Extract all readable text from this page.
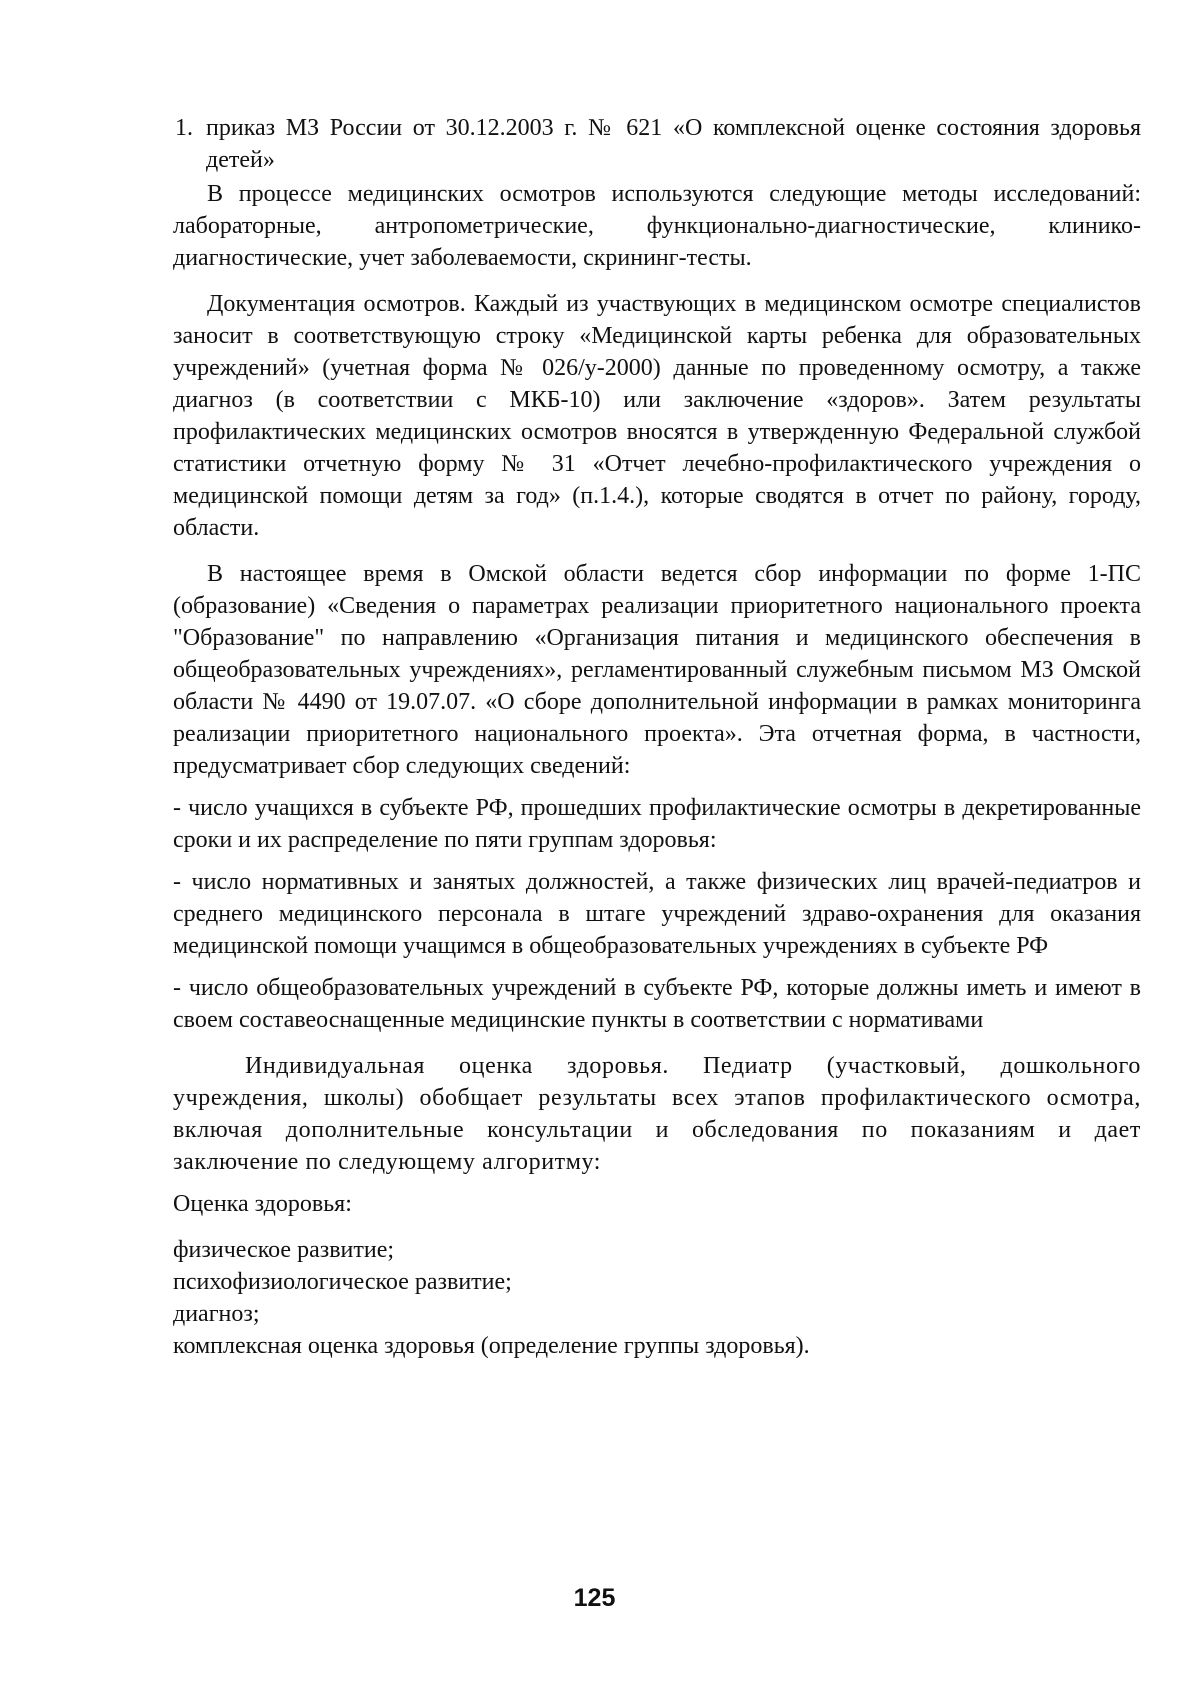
1. приказ МЗ России от 30.12.2003 г. № 621 «О комплексной оценке состояния здоровья детей»

В процессе медицинских осмотров используются следующие методы исследований: лабораторные, антропометрические, функционально-диагностические, клинико-диагностические, учет заболеваемости, скрининг-тесты.

Документация осмотров. Каждый из участвующих в медицинском осмотре специалистов заносит в соответствующую строку «Медицинской карты ребенка для образовательных учреждений» (учетная форма № 026/у-2000) данные по проведенному осмотру, а также диагноз (в соответствии с МКБ-10) или заключение «здоров». Затем результаты профилактических медицинских осмотров вносятся в утвержденную Федеральной службой статистики отчетную форму № 31 «Отчет лечебно-профилактического учреждения о медицинской помощи детям за год» (п.1.4.), которые сводятся в отчет по району, городу, области.

В настоящее время в Омской области ведется сбор информации по форме 1-ПС (образование) «Сведения о параметрах реализации приоритетного национального проекта "Образование" по направлению «Организация питания и медицинского обеспечения в общеобразовательных учреждениях», регламентированный служебным письмом МЗ Омской области № 4490 от 19.07.07. «О сборе дополнительной информации в рамках мониторинга реализации приоритетного национального проекта». Эта отчетная форма, в частности, предусматривает сбор следующих сведений:

- число учащихся в субъекте РФ, прошедших профилактические осмотры в декретированные сроки и их распределение по пяти группам здоровья:

- число нормативных и занятых должностей, а также физических лиц врачей-педиатров и среднего медицинского персонала в штаге учреждений здраво-охранения для оказания медицинской помощи учащимся в общеобразовательных учреждениях в субъекте РФ

- число общеобразовательных учреждений в субъекте РФ, которые должны иметь и имеют в своем составеоснащенные медицинские пункты в соответствии с нормативами

Индивидуальная оценка здоровья. Педиатр (участковый, дошкольного учреждения, школы) обобщает результаты всех этапов профилактического осмотра, включая дополнительные консультации и обследования по показаниям и дает заключение по следующему алгоритму:

Оценка здоровья:

физическое развитие;

психофизиологическое развитие;

диагноз;

комплексная оценка здоровья (определение группы здоровья).

125
